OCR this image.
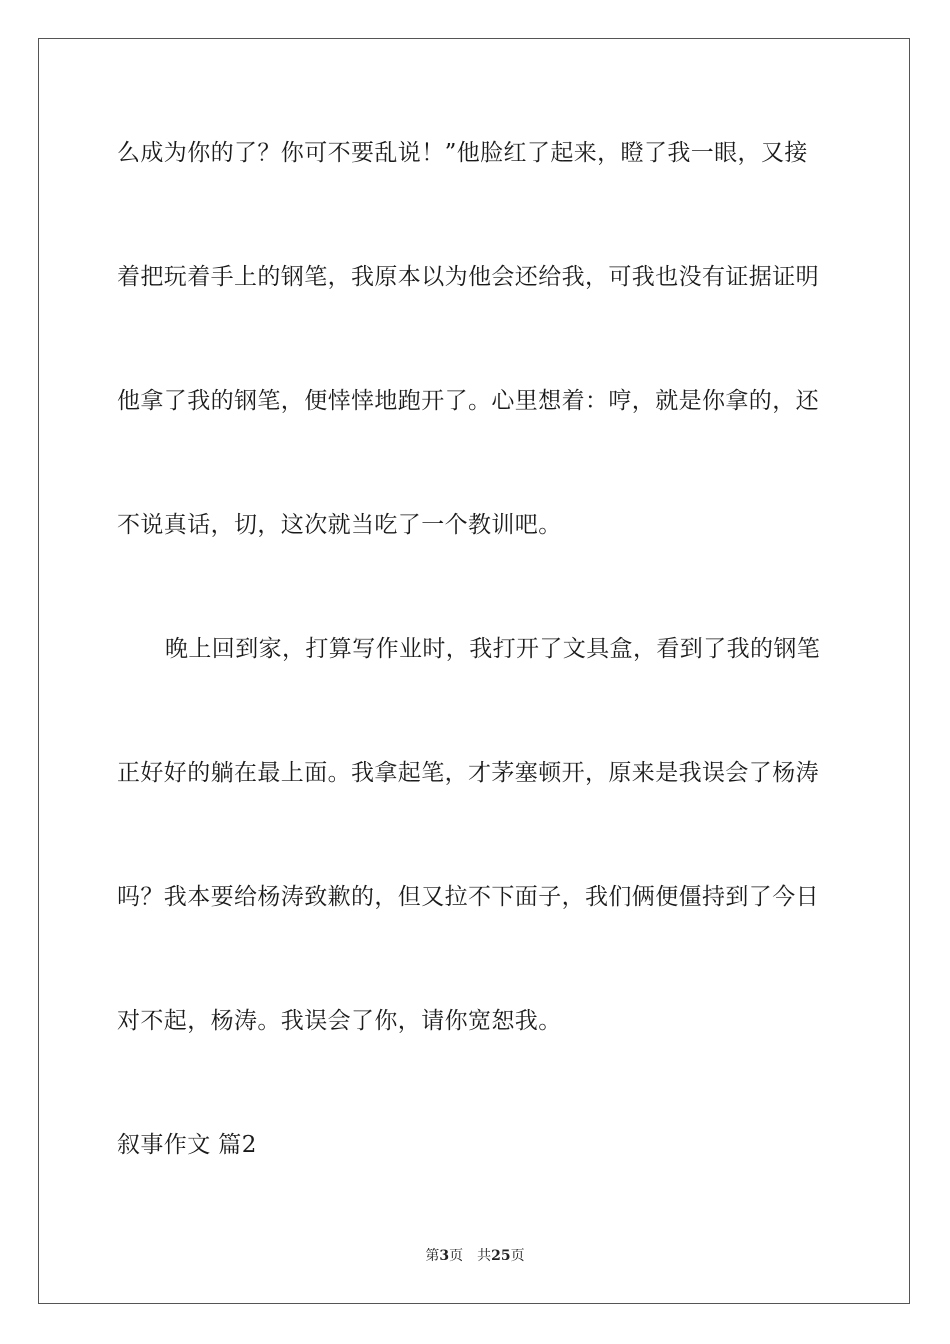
么成为你的了？你可不要乱说！”他脸红了起来，瞪了我一眼，又接
着把玩着手上的钢笔，我原本以为他会还给我，可我也没有证据证明
他拿了我的钢笔，便悻悻地跑开了。心里想着：哼，就是你拿的，还
不说真话，切，这次就当吃了一个教训吧。
晚上回到家，打算写作业时，我打开了文具盒，看到了我的钢笔
正好好的躺在最上面。我拿起笔，才茅塞顿开，原来是我误会了杨涛
吗？我本要给杨涛致歉的，但又拉不下面子，我们俩便僵持到了今日
对不起，杨涛。我误会了你，请你宽恕我。
叙事作文 篇2
第3页 共25页
